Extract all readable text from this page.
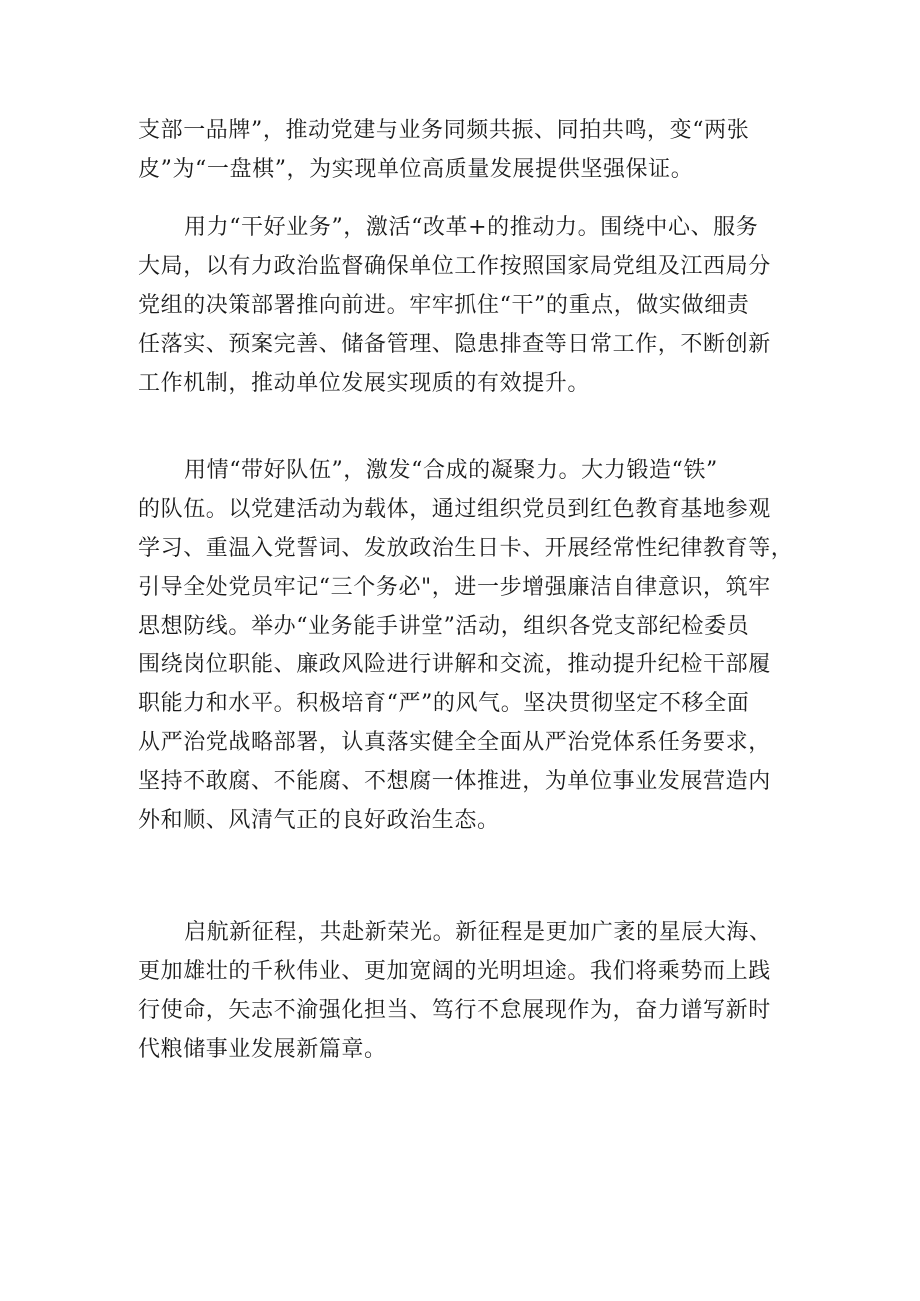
支部一品牌”，推动党建与业务同频共振、同拍共鸣，变“两张
皮”为“一盘棋”，为实现单位高质量发展提供坚强保证。
用力“干好业务”，激活“改革+的推动力。围绕中心、服务
大局，以有力政治监督确保单位工作按照国家局党组及江西局分
党组的决策部署推向前进。牢牢抓住“干”的重点，做实做细责
任落实、预案完善、储备管理、隐患排查等日常工作，不断创新
工作机制，推动单位发展实现质的有效提升。
用情“带好队伍”，激发“合成的凝聚力。大力锻造“铁”
的队伍。以党建活动为载体，通过组织党员到红色教育基地参观
学习、重温入党誓词、发放政治生日卡、开展经常性纪律教育等，
引导全处党员牢记“三个务必"，进一步增强廉洁自律意识，筑牢
思想防线。举办“业务能手讲堂”活动，组织各党支部纪检委员
围绕岗位职能、廉政风险进行讲解和交流，推动提升纪检干部履
职能力和水平。积极培育“严”的风气。坚决贯彻坚定不移全面
从严治党战略部署，认真落实健全全面从严治党体系任务要求，
坚持不敢腐、不能腐、不想腐一体推进，为单位事业发展营造内
外和顺、风清气正的良好政治生态。
启航新征程，共赴新荣光。新征程是更加广袤的星辰大海、
更加雄壮的千秋伟业、更加宽阔的光明坦途。我们将乘势而上践
行使命，矢志不渝强化担当、笃行不怠展现作为，奋力谱写新时
代粮储事业发展新篇章。
